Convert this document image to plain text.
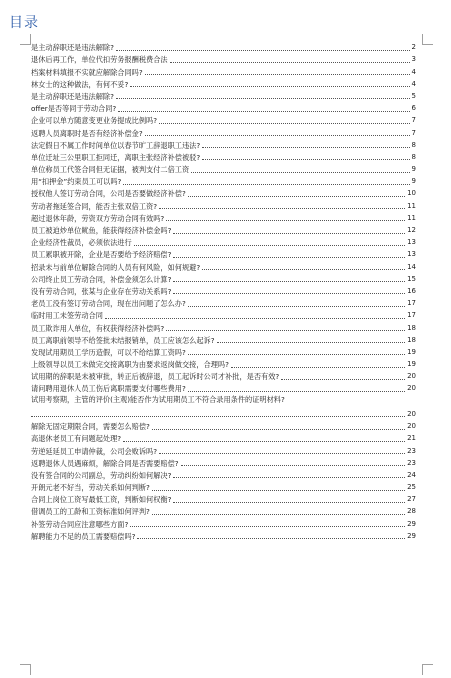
目录
是主动辞职还是违法解除?	2
退休后再工作，单位代扣劳务报酬税费合法	3
档案材料填报不实就应解除合同吗?	4
林女士的这种做法，有何不妥?	4
是主动辞职还是违法解除?	5
offer是否等同于劳动合同?	6
企业可以单方随意变更业务提成比例吗?	7
返聘人员离职时是否有经济补偿金?	7
法定假日不属工作时间单位以春节旷工辞退职工违法?	8
单位迁址三公里职工拒同迁，离职主张经济补偿被驳?	8
单位称员工代签合同但无证据，被判支付二倍工资	9
用“扣押金”约束员工可以吗?	9
授权他人签订劳动合同，公司是否要做经济补偿?	10
劳动者拖延签合同，能否主张双倍工资?	11
超过退休年龄，劳资双方劳动合同有效吗?	11
员工被迫炒单位鱿鱼，能获得经济补偿金吗?	12
企业经济性裁员，必须依法进行	13
员工累职被开除，企业是否要给予经济赔偿?	13
招录未与前单位解除合同的人员有何风险，如何规避?	14
公司终止员工劳动合同，补偿金须怎么计算?	15
没有劳动合同，张某与企业存在劳动关系吗?	16
老员工没有签订劳动合同，现在出问题了怎么办?	17
临时用工未签劳动合同	17
员工欺诈用人单位，有权获得经济补偿吗?	18
员工离职前领导不给签批未结报销单，员工应该怎么起诉?	18
发现试用期员工学历造假，可以不给结算工资吗?	19
上级领导以员工未做完交接离职为由要求返岗做交接，合理吗?	19
试用期的辞职是未被审批，转正后被辞退，员工起诉时公司才补批，是否有效?	20
请问聘用退休人员工伤后离职需要支付哪些费用?	20
试用考察期，主管的评价(主观)能否作为试用期员工不符合录用条件的证明材料?
20
解除无固定期限合同，需要怎么赔偿?	20
高退休老员工有问题起处理?	21
劳逆延延员工申请仲裁，公司会败诉吗?	23
返聘退休人员遇麻烦，解除合同是否需要赔偿?	23
没有签合同的公司副总，劳动纠纷如何解决?	24
开朗元老不好当，劳动关系如何判断?	25
合同上岗位工资写最低工资，判断如何权衡?	27
借调员工的工龄和工资标准如何评判?	28
补签劳动合同应注意哪些方面?	29
解聘能力不足的员工需要赔偿吗?	29
